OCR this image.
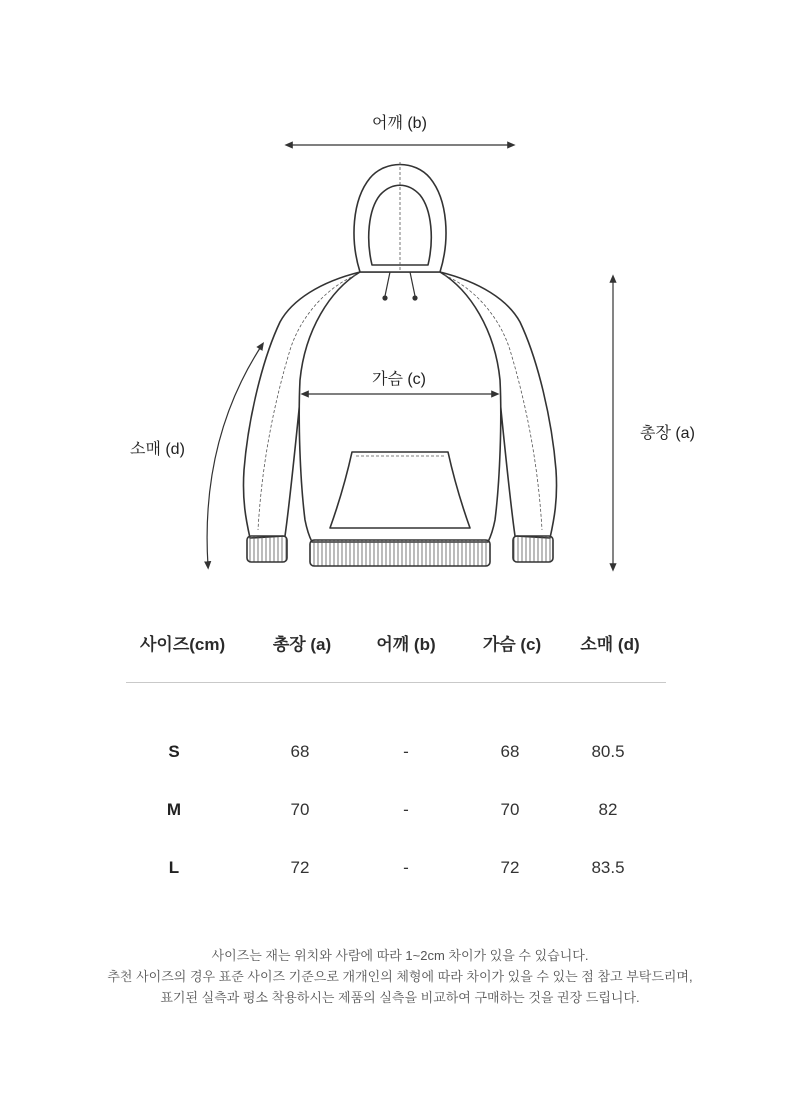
어깨 (b)
가슴 (c)
총장 (a)
소매 (d)
사이즈(cm)	총장 (a)	어깨 (b)	가슴 (c) 소매 (d)
S	68	-	68	80.5
M	70	-	70	82
L	72	-	72	83.5
사이즈는 재는 위치와 사람에 따라 1~2cm 차이가 있을 수 있습니다.
추천 사이즈의 경우 표준 사이즈 기준으로 개개인의 체형에 따라 차이가 있을 수 있는 점 참고 부탁드리며,
표기된 실측과 평소 착용하시는 제품의 실측을 비교하여 구매하는 것을 권장 드립니다.
